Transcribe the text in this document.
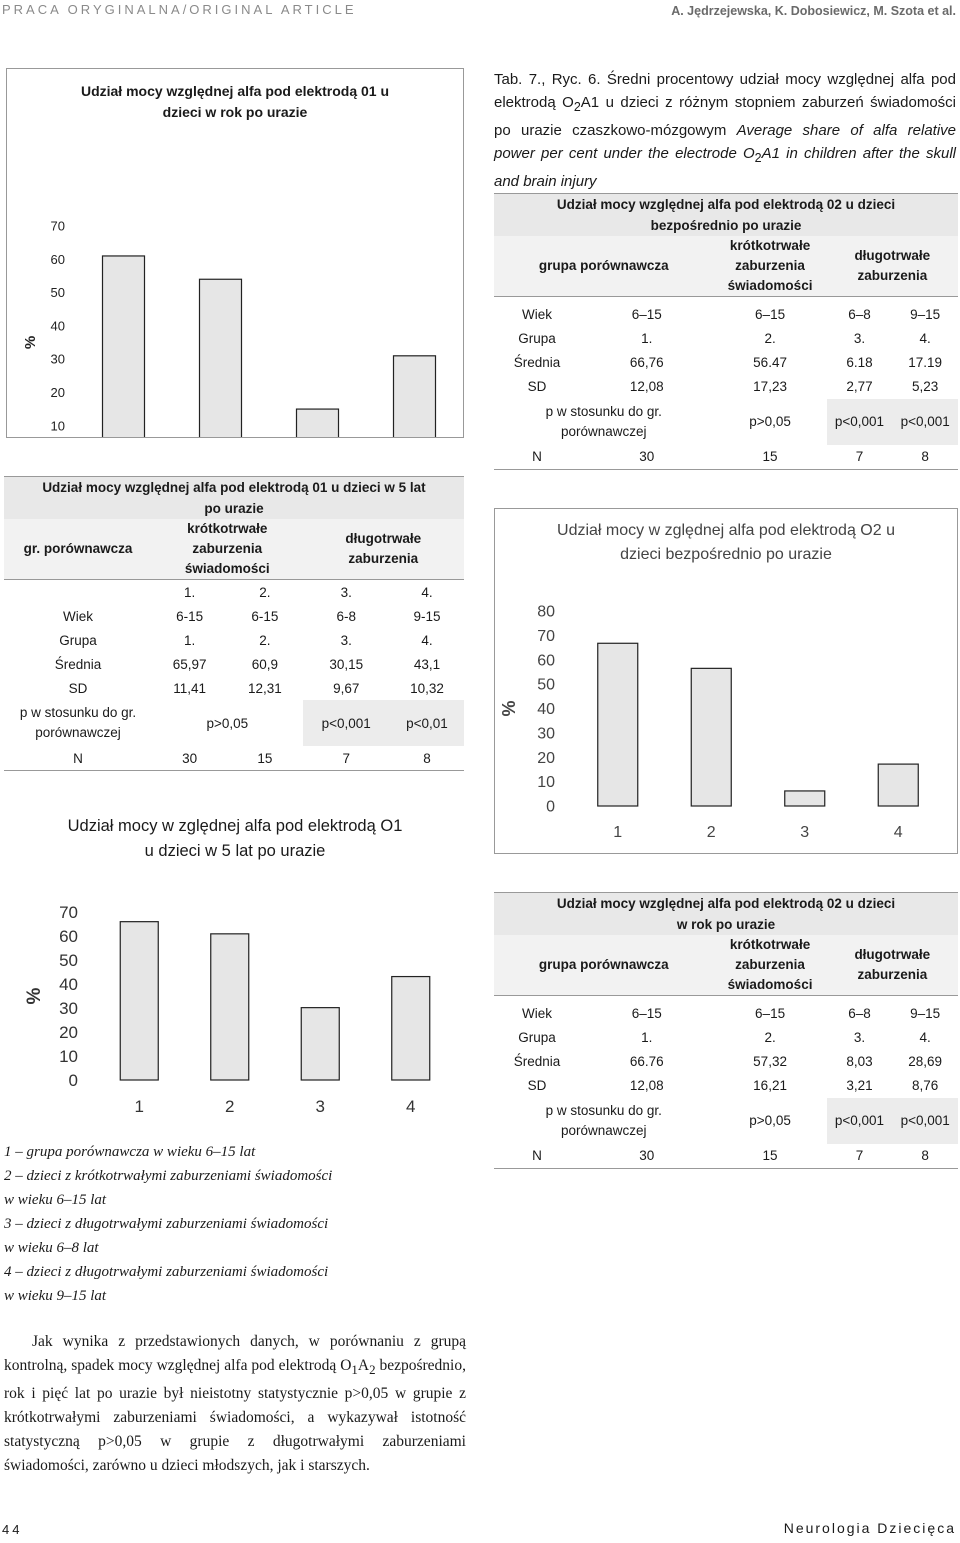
PRACA ORYGINALNA/ORIGINAL ARTICLE	A. Jędrzejewska, K. Dobosiewicz, M. Szota et al.
Udział mocy względnej alfa pod elektrodą 01 u
dzieci w rok po urazie
70
60
50
40
30
20
10
%
Udział mocy względnej alfa pod elektrodą 01 u dzieci w 5 lat
po urazie				
gr. porównawcza	krótkotrwałe
zaburzenia
świadomości		długotrwałe
zaburzenia	
	1.	2.	3.	4.
Wiek	6-15	6-15	6-8	9-15
Grupa	1.	2.	3.	4.
Średnia	65,97	60,9	30,15	43,1
SD	11,41	12,31	9,67	10,32
p w stosunku do gr.
porównawczej	p>0,05		p<0,001	p<0,01
N	30	15	7	8
Udział mocy w zględnej alfa pod elektrodą O1
u dzieci w 5 lat po urazie
70
60
50
40
30
20
10
0
%
1	2	3	4
1 – grupa porównawcza w wieku 6–15 lat
2 – dzieci z krótkotrwałymi zaburzeniami świadomości
w wieku 6–15 lat
3 – dzieci z długotrwałymi zaburzeniami świadomości
w wieku 6–8 lat
4 – dzieci z długotrwałymi zaburzeniami świadomości
w wieku 9–15 lat
Jak wynika z przedstawionych danych, w porównaniu z grupą kontrolną, spadek mocy względnej alfa pod elektrodą $O_1A_2$ bezpośrednio, rok i pięć lat po urazie był nieistotny statystycznie p>0,05 w grupie z krótkotrwałymi zaburzeniami świadomości, a wykazywał istotność statystyczną p>0,05 w grupie z długotrwałymi zaburzeniami świadomości, zarówno u dzieci młodszych, jak i starszych.
Tab. 7., Ryc. 6. Średni procentowy udział mocy względnej alfa pod elektrodą $O_2A1$ u dzieci z różnym stopniem zaburzeń świadomości po urazie czaszkowo-mózgowym Average share of alfa relative power per cent under the electrode $O_2A1$ in children after the skull and brain injury
Udział mocy względnej alfa pod elektrodą 02 u dzieci
bezpośrednio po urazie				
grupa porównawcza		krótkotrwałe
zaburzenia
świadomości	długotrwałe
zaburzenia	

Wiek	6–15	6–15	6–8	9–15
Grupa	1.	2.	3.	4.
Średnia	66,76	56.47	6.18	17.19
SD	12,08	17,23	2,77	5,23
p w stosunku do gr.
porównawczej		p>0,05	p<0,001	p<0,001
N	30	15	7	8
Udział mocy w zględnej alfa pod elektrodą O2 u
dzieci bezpośrednio po urazie
80
70
60
50
40
30
20
10
0
%
1	2	3	4
Udział mocy względnej alfa pod elektrodą 02 u dzieci
w rok po urazie				
grupa porównawcza		krótkotrwałe
zaburzenia
świadomości	długotrwałe
zaburzenia	

Wiek	6–15	6–15	6–8	9–15
Grupa	1.	2.	3.	4.
Średnia	66.76	57,32	8,03	28,69
SD	12,08	16,21	3,21	8,76
p w stosunku do gr.
porównawczej		p>0,05	p<0,001	p<0,001
N	30	15	7	8
44	Neurologia Dziecięca
